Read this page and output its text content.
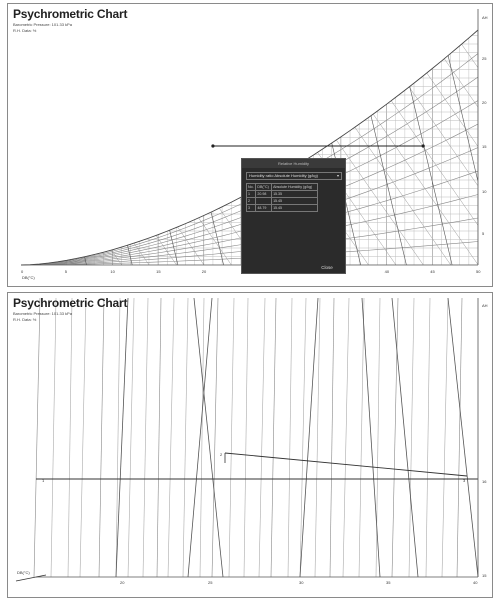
DB(°C)
0	5	10	15	20	40	45	50
AH
5
10
15
20
25
Psychrometric Chart
Barometric Pressure: 101.33 kPa
R.H. Data: %
Relative Humidity
Humidity ratio Absolute Humidity (g/kg)	▾
No.	DB(°C)	Absolute Humidity (g/kg)
1	20.98	15.35
2		15.45
3	48.79	15.45
Close
1
2
3
DB(°C)
20	25	30	35	40
AH
15
16
Psychrometric Chart
Barometric Pressure: 101.33 kPa
R.H. Data: %
